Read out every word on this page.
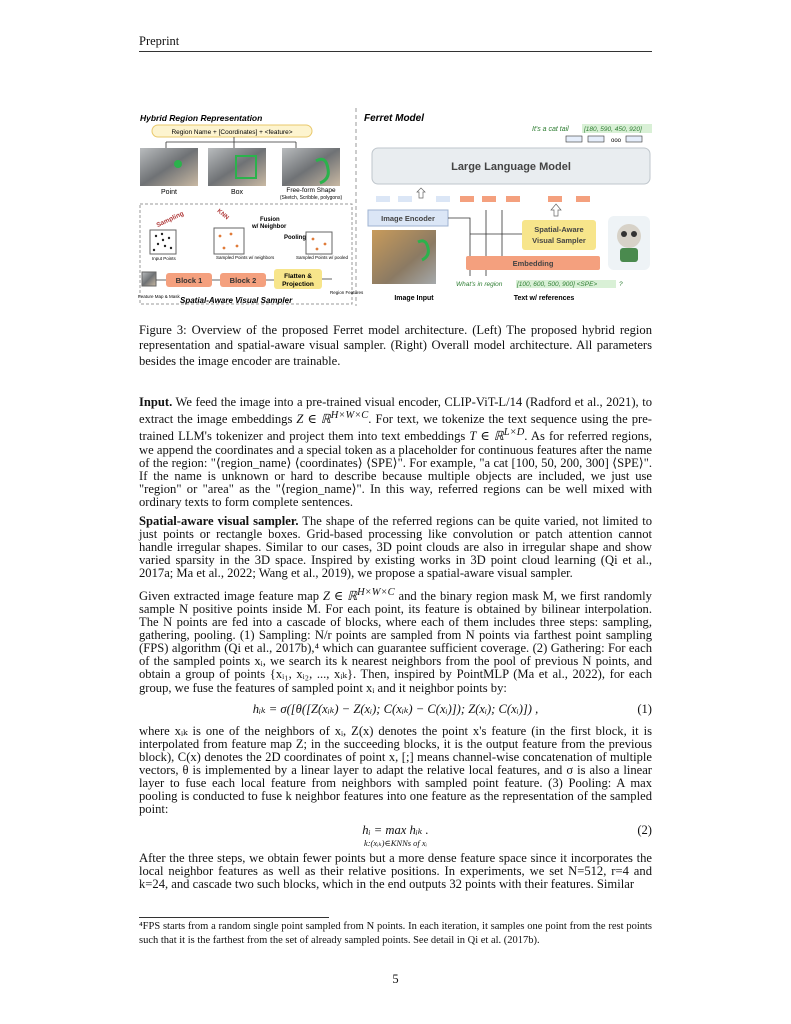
Preprint
Hybrid Region Representation
Region Name + [Coordinates] + <feature>
Point	Box	Free-form Shape
(Sketch, Scribble, polygons)
Sampling	KNN	Fusion
w/ Neighbor
Pooling
Input Points	Sampled Points w/ neighbors	Sampled Points w/ pooled
Block 1	Block 2	Flatten &
Projection
Feature Map & Mask
Region Features
Spatial-Aware Visual Sampler
Ferret Model
It's a cat tail [180, 590, 450, 920]
ooo
Large Language Model
Image Encoder
Spatial-Aware
Visual Sampler
Embedding
What's in region [100, 600, 500, 900] <SPE>	?
Image Input	Text w/ references
Figure 3: Overview of the proposed Ferret model architecture. (Left) The proposed hybrid region representation and spatial-aware visual sampler. (Right) Overall model architecture. All parameters besides the image encoder are trainable.

Input. We feed the image into a pre-trained visual encoder, CLIP-ViT-L/14 (Radford et al., 2021), to extract the image embeddings Z ∈ ℝ$^{H\times W\times C}$. For text, we tokenize the text sequence using the pre-trained LLM's tokenizer and project them into text embeddings T ∈ ℝ$^{L\times D}$. As for referred regions, we append the coordinates and a special token as a placeholder for continuous features after the name of the region: "⟨region_name⟩ ⟨coordinates⟩ ⟨SPE⟩". For example, "a cat [100, 50, 200, 300] ⟨SPE⟩". If the name is unknown or hard to describe because multiple objects are included, we just use "region" or "area" as the "⟨region_name⟩". In this way, referred regions can be well mixed with ordinary texts to form complete sentences.

Spatial-aware visual sampler. The shape of the referred regions can be quite varied, not limited to just points or rectangle boxes. Grid-based processing like convolution or patch attention cannot handle irregular shapes. Similar to our cases, 3D point clouds are also in irregular shape and show varied sparsity in the 3D space. Inspired by existing works in 3D point cloud learning (Qi et al., 2017a; Ma et al., 2022; Wang et al., 2019), we propose a spatial-aware visual sampler.

Given extracted image feature map Z ∈ ℝ$^{H\times W\times C}$ and the binary region mask M, we first randomly sample N positive points inside M. For each point, its feature is obtained by bilinear interpolation. The N points are fed into a cascade of blocks, where each of them includes three steps: sampling, gathering, pooling. (1) Sampling: N/r points are sampled from N points via farthest point sampling (FPS) algorithm (Qi et al., 2017b),⁴ which can guarantee sufficient coverage. (2) Gathering: For each of the sampled points xᵢ, we search its k nearest neighbors from the pool of previous N points, and obtain a group of points {xᵢ₁, xᵢ₂, ..., xᵢₖ}. Then, inspired by PointMLP (Ma et al., 2022), for each group, we fuse the features of sampled point xᵢ and it neighbor points by:

hᵢₖ = σ([θ([Z(xᵢₖ) − Z(xᵢ); C(xᵢₖ) − C(xᵢ)]); Z(xᵢ); C(xᵢ)]) ,	(1)

where xᵢₖ is one of the neighbors of xᵢ, Z(x) denotes the point x's feature (in the first block, it is interpolated from feature map Z; in the succeeding blocks, it is the output feature from the previous block), C(x) denotes the 2D coordinates of point x, [;] means channel-wise concatenation of multiple vectors, θ is implemented by a linear layer to adapt the relative local features, and σ is also a linear layer to fuse each local feature from neighbors with sampled point feature. (3) Pooling: A max pooling is conducted to fuse k neighbor features into one feature as the representation of the sampled point:

hᵢ = max hᵢₖ .
k:(xᵢₖ)∈KNNs of xᵢ
(2)

After the three steps, we obtain fewer points but a more dense feature space since it incorporates the local neighbor features as well as their relative positions. In experiments, we set N=512, r=4 and k=24, and cascade two such blocks, which in the end outputs 32 points with their features. Similar

⁴FPS starts from a random single point sampled from N points. In each iteration, it samples one point from the rest points such that it is the farthest from the set of already sampled points. See detail in Qi et al. (2017b).
5
